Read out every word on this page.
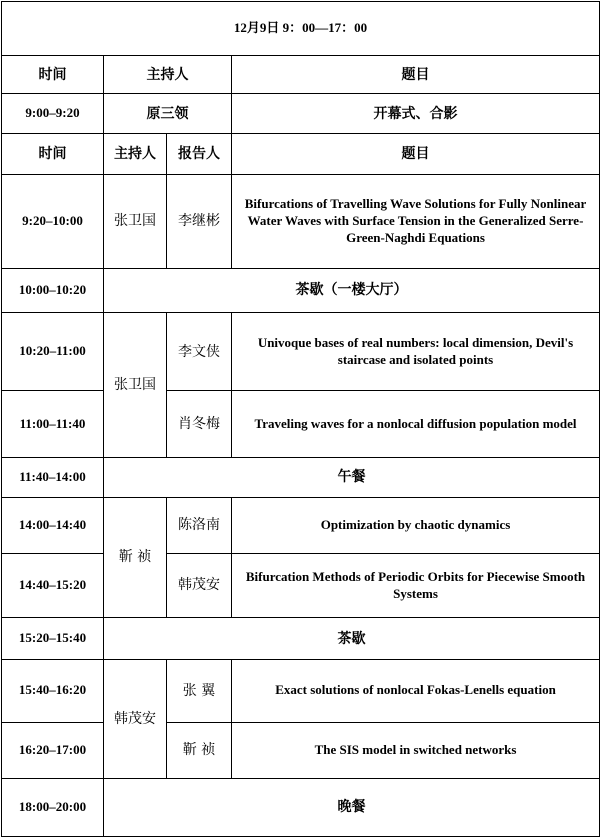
12月9日 9：00—17：00			
时间	主持人		题目
9:00–9:20	原三领		开幕式、合影
时间	主持人	报告人	题目
9:20–10:00	张卫国	李继彬	Bifurcations of Travelling Wave Solutions for Fully Nonlinear Water Waves with Surface Tension in the Generalized Serre-Green-Naghdi Equations
10:00–10:20	茶歇（一楼大厅）		
10:20–11:00	张卫国	李文侠	Univoque bases of real numbers: local dimension, Devil's staircase and isolated points
11:00–11:40		肖冬梅	Traveling waves for a nonlocal diffusion population model
11:40–14:00	午餐		
14:00–14:40	靳 祯	陈洛南	Optimization by chaotic dynamics
14:40–15:20		韩茂安	Bifurcation Methods of Periodic Orbits for Piecewise Smooth Systems
15:20–15:40	茶歇		
15:40–16:20	韩茂安	张 翼	Exact solutions of nonlocal Fokas-Lenells equation
16:20–17:00		靳 祯	The SIS model in switched networks
18:00–20:00	晚餐		
